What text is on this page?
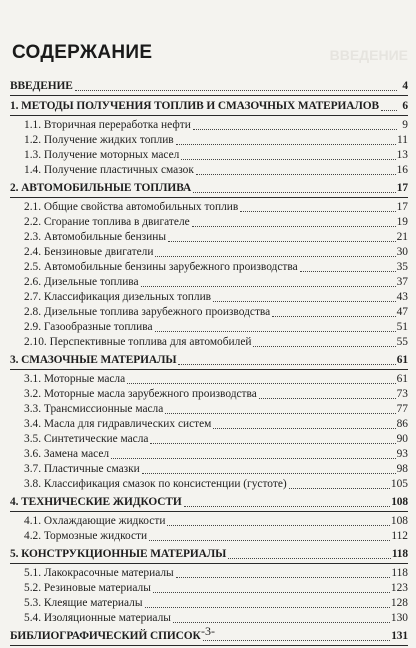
ВВЕДЕНИЕ
СОДЕРЖАНИЕ
ВВЕДЕНИЕ	4
1. МЕТОДЫ ПОЛУЧЕНИЯ ТОПЛИВ И СМАЗОЧНЫХ МАТЕРИАЛОВ	6
1.1. Вторичная переработка нефти	9
1.2. Получение жидких топлив	11
1.3. Получение моторных масел	13
1.4. Получение пластичных смазок	16
2. АВТОМОБИЛЬНЫЕ ТОПЛИВА	17
2.1. Общие свойства автомобильных топлив	17
2.2. Сгорание топлива в двигателе	19
2.3. Автомобильные бензины	21
2.4. Бензиновые двигатели	30
2.5. Автомобильные бензины зарубежного производства	35
2.6. Дизельные топлива	37
2.7. Классификация дизельных топлив	43
2.8. Дизельные топлива зарубежного производства	47
2.9. Газообразные топлива	51
2.10. Перспективные топлива для автомобилей	55
3. СМАЗОЧНЫЕ МАТЕРИАЛЫ	61
3.1. Моторные масла	61
3.2. Моторные масла зарубежного производства	73
3.3. Трансмиссионные масла	77
3.4. Масла для гидравлических систем	86
3.5. Синтетические масла	90
3.6. Замена масел	93
3.7. Пластичные смазки	98
3.8. Классификация смазок по консистенции (густоте)	105
4. ТЕХНИЧЕСКИЕ ЖИДКОСТИ	108
4.1. Охлаждающие жидкости	108
4.2. Тормозные жидкости	112
5. КОНСТРУКЦИОННЫЕ МАТЕРИАЛЫ	118
5.1. Лакокрасочные материалы	118
5.2. Резиновые материалы	123
5.3. Клеящие материалы	128
5.4. Изоляционные материалы	130
БИБЛИОГРАФИЧЕСКИЙ СПИСОК	131
-3-
